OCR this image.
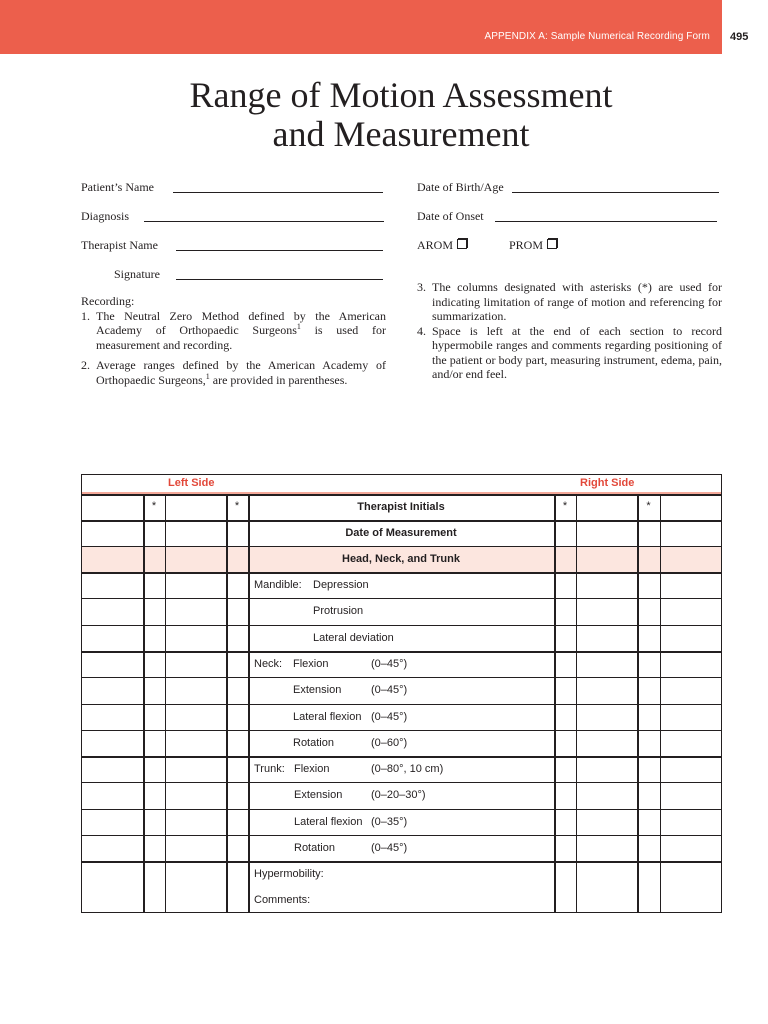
APPENDIX A: Sample Numerical Recording Form 495
Range of Motion Assessment
and Measurement
Patient’s Name
Diagnosis
Therapist Name
Signature
Date of Birth/Age
Date of Onset
AROM	PROM
Recording:
1. The Neutral Zero Method defined by the American Academy of Orthopaedic Surgeons$^1$ is used for measurement and recording.
2. Average ranges defined by the American Academy of Orthopaedic Surgeons,$^1$ are provided in parentheses.
3. The columns designated with asterisks (*) are used for indicating limitation of range of motion and referencing for summarization.
4. Space is left at the end of each section to record hypermobile ranges and comments regarding positioning of the patient or body part, measuring instrument, edema, pain, and/or end feel.
Left Side	Right Side
*	*	*	*
Therapist Initials
Date of Measurement
Head, Neck, and Trunk
Mandible: Depression
Protrusion
Lateral deviation
Neck: Flexion	(0–45°)
Extension	(0–45°)
Lateral flexion (0–45°)
Rotation	(0–60°)
Trunk: Flexion	(0–80°, 10 cm)
Extension	(0–20–30°)
Lateral flexion (0–35°)
Rotation	(0–45°)
Hypermobility:
Comments:
